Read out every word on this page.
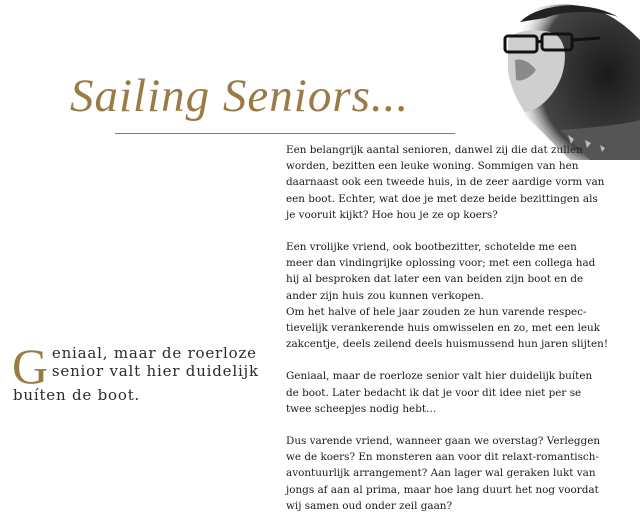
Sailing Seniors...
G eniaal, maar de roerloze
senior valt hier duidelijk
buíten de boot.

Een belangrijk aantal senioren, danwel zij die dat zullen
worden, bezitten een leuke woning. Sommigen van hen
daarnaast ook een tweede huis, in de zeer aardige vorm van
een boot. Echter, wat doe je met deze beide bezittingen als
je vooruit kijkt? Hoe hou je ze op koers?

Een vrolijke vriend, ook bootbezitter, schotelde me een
meer dan vindingrijke oplossing voor; met een collega had
hij al besproken dat later een van beiden zijn boot en de
ander zijn huis zou kunnen verkopen.

Om het halve of hele jaar zouden ze hun varende respec-
tievelijk verankerende huis omwisselen en zo, met een leuk
zakcentje, deels zeilend deels huismussend hun jaren slijten!

Geniaal, maar de roerloze senior valt hier duidelijk buíten
de boot. Later bedacht ik dat je voor dit idee niet per se
twee scheepjes nodig hebt…

Dus varende vriend, wanneer gaan we overstag? Verleggen
we de koers? En monsteren aan voor dit relaxt-romantisch-
avontuurlijk arrangement? Aan lager wal geraken lukt van
jongs af aan al prima, maar hoe lang duurt het nog voordat
wij samen oud onder zeil gaan?
